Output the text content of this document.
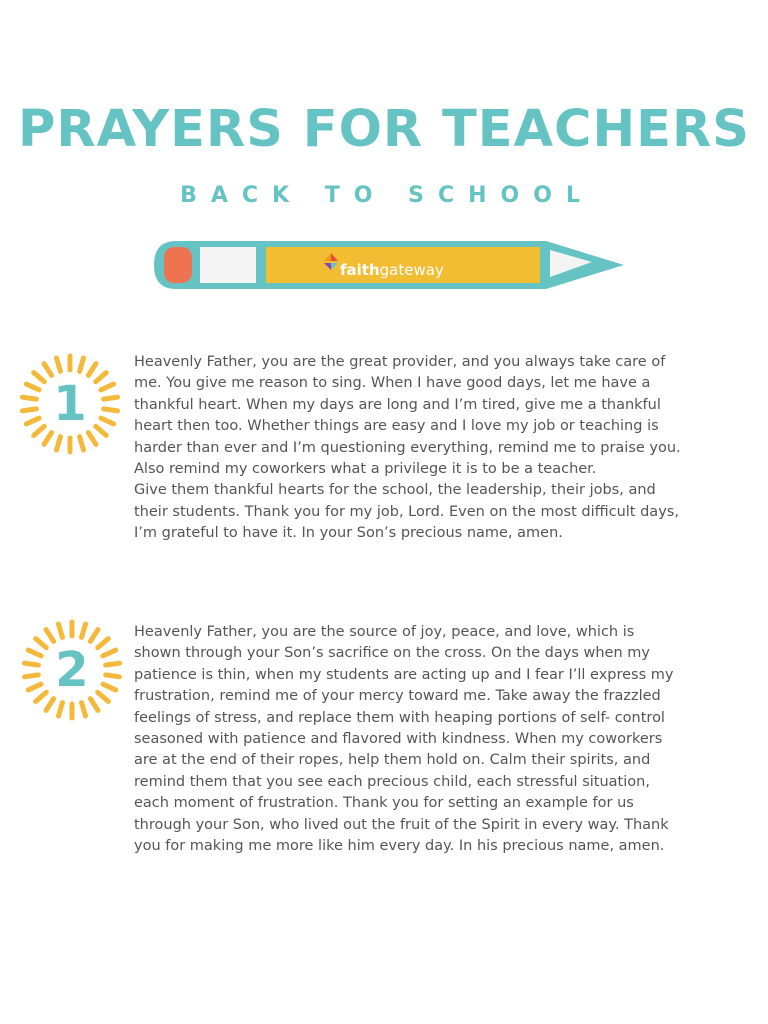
PRAYERS FOR TEACHERS
BACK TO SCHOOL
faithgateway
1

Heavenly Father, you are the great provider, and you always take care of
me. You give me reason to sing. When I have good days, let me have a
thankful heart. When my days are long and I’m tired, give me a thankful
heart then too. Whether things are easy and I love my job or teaching is
harder than ever and I’m questioning everything, remind me to praise you.
Also remind my coworkers what a privilege it is to be a teacher.
Give them thankful hearts for the school, the leadership, their jobs, and
their students. Thank you for my job, Lord. Even on the most difficult days,
I’m grateful to have it. In your Son’s precious name, amen.

2

Heavenly Father, you are the source of joy, peace, and love, which is
shown through your Son’s sacrifice on the cross. On the days when my
patience is thin, when my students are acting up and I fear I’ll express my
frustration, remind me of your mercy toward me. Take away the frazzled
feelings of stress, and replace them with heaping portions of self- control
seasoned with patience and flavored with kindness. When my coworkers
are at the end of their ropes, help them hold on. Calm their spirits, and
remind them that you see each precious child, each stressful situation,
each moment of frustration. Thank you for setting an example for us
through your Son, who lived out the fruit of the Spirit in every way. Thank
you for making me more like him every day. In his precious name, amen.
